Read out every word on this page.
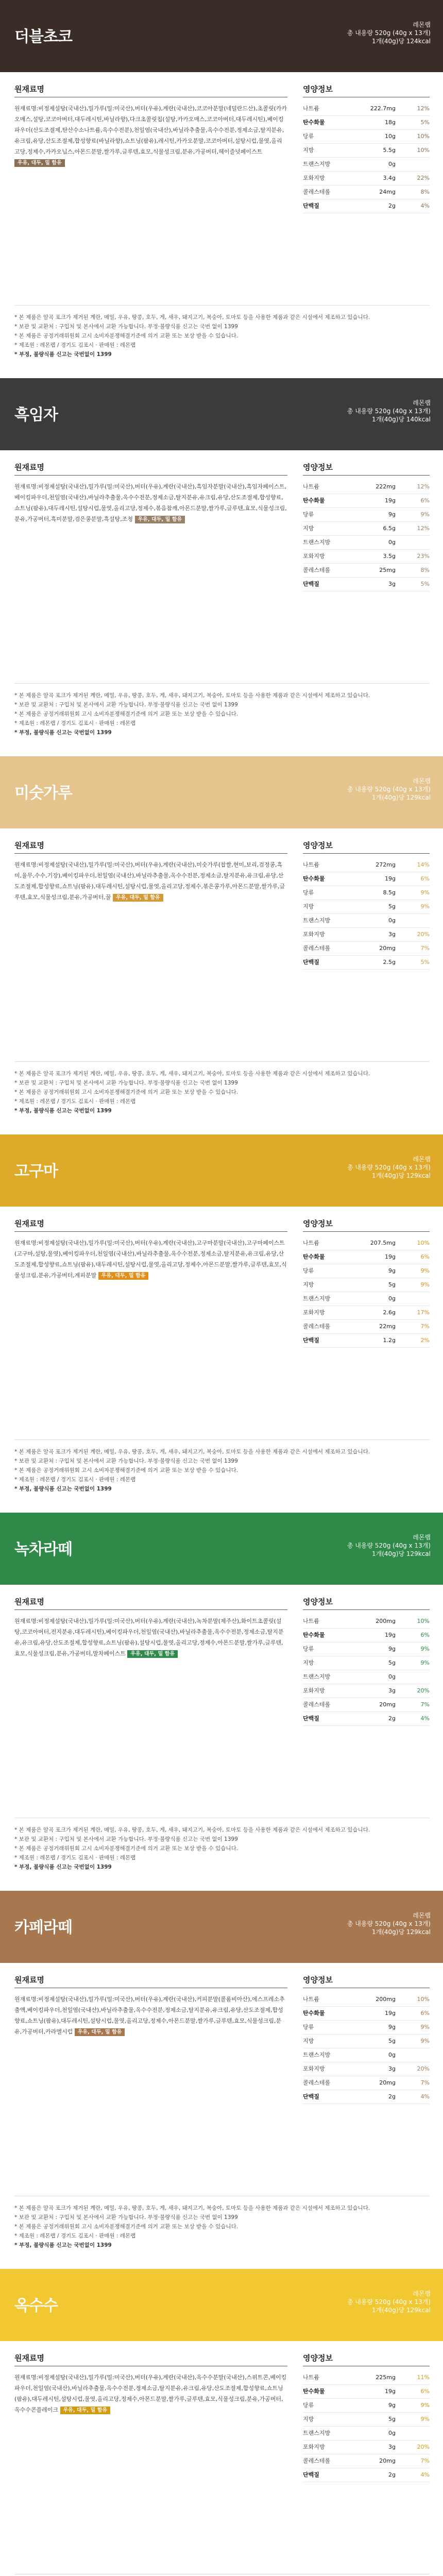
더블초코
레몬랩
총 내용량 520g (40g x 13개)
1개(40g)당 124kcal
원재료명
원재료명:비정제설탕(국내산),밀가루(밀:미국산),버터(우유),계란(국내산),코코아분말(네덜란드산),초콜릿(카카오매스,설탕,코코아버터,대두레시틴,바닐라향),다크초콜릿칩(설탕,카카오매스,코코아버터,대두레시틴),베이킹파우더(산도조절제,탄산수소나트륨,옥수수전분),천일염(국내산),바닐라추출물,옥수수전분,정제소금,탈지분유,유크림,유당,산도조절제,합성향료(바닐라향),쇼트닝(팜유),레시틴,카카오분말,코코아버터,설탕시럽,물엿,올리고당,정제수,카카오닙스,아몬드분말,쌀가루,글루텐,효모,식물성크림,분유,가공버터,헤이즐넛페이스트 우유, 대두, 밀 함유
영양정보
나트륨	222.7mg	12%
탄수화물	18g	5%
당류	10g	10%
지방	5.5g	10%
트랜스지방	0g
포화지방	3.4g	22%
콜레스테롤	24mg	8%
단백질	2g	4%
* 본 제품은 알곡 포크가 제거된 계란, 메밀, 우유, 땅콩, 호두, 게, 새우, 돼지고기, 복숭아, 토마토 등을 사용한 제품과 같은 시설에서 제조하고 있습니다.
* 보관 및 교환처 : 구입처 및 본사에서 교환 가능합니다. 부정·불량식품 신고는 국번 없이 1399
* 본 제품은 공정거래위원회 고시 소비자분쟁해결기준에 의거 교환 또는 보상 받을 수 있습니다.
* 제조원 : 레몬랩 / 경기도 김포시 · 판매원 : 레몬랩
* 부정, 불량식품 신고는 국번없이 1399
흑임자
레몬랩
총 내용량 520g (40g x 13개)
1개(40g)당 140kcal
원재료명
원재료명:비정제설탕(국내산),밀가루(밀:미국산),버터(우유),계란(국내산),흑임자분말(국내산),흑임자페이스트,베이킹파우더,천일염(국내산),바닐라추출물,옥수수전분,정제소금,탈지분유,유크림,유당,산도조절제,합성향료,쇼트닝(팜유),대두레시틴,설탕시럽,물엿,올리고당,정제수,볶음참깨,아몬드분말,쌀가루,글루텐,효모,식물성크림,분유,가공버터,흑미분말,검은콩분말,흑설탕,조청 우유, 대두, 밀 함유
영양정보
나트륨	222mg	12%
탄수화물	19g	6%
당류	9g	9%
지방	6.5g	12%
트랜스지방	0g
포화지방	3.5g	23%
콜레스테롤	25mg	8%
단백질	3g	5%
* 본 제품은 알곡 포크가 제거된 계란, 메밀, 우유, 땅콩, 호두, 게, 새우, 돼지고기, 복숭아, 토마토 등을 사용한 제품과 같은 시설에서 제조하고 있습니다.
* 보관 및 교환처 : 구입처 및 본사에서 교환 가능합니다. 부정·불량식품 신고는 국번 없이 1399
* 본 제품은 공정거래위원회 고시 소비자분쟁해결기준에 의거 교환 또는 보상 받을 수 있습니다.
* 제조원 : 레몬랩 / 경기도 김포시 · 판매원 : 레몬랩
* 부정, 불량식품 신고는 국번없이 1399
미숫가루
레몬랩
총 내용량 520g (40g x 13개)
1개(40g)당 129kcal
원재료명
원재료명:비정제설탕(국내산),밀가루(밀:미국산),버터(우유),계란(국내산),미숫가루(찹쌀,현미,보리,검정콩,흑미,율무,수수,기장),베이킹파우더,천일염(국내산),바닐라추출물,옥수수전분,정제소금,탈지분유,유크림,유당,산도조절제,합성향료,쇼트닝(팜유),대두레시틴,설탕시럽,물엿,올리고당,정제수,볶은콩가루,아몬드분말,쌀가루,글루텐,효모,식물성크림,분유,가공버터,꿀 우유, 대두, 밀 함유
영양정보
나트륨	272mg	14%
탄수화물	19g	6%
당류	8.5g	9%
지방	5g	9%
트랜스지방	0g
포화지방	3g	20%
콜레스테롤	20mg	7%
단백질	2.5g	5%
* 본 제품은 알곡 포크가 제거된 계란, 메밀, 우유, 땅콩, 호두, 게, 새우, 돼지고기, 복숭아, 토마토 등을 사용한 제품과 같은 시설에서 제조하고 있습니다.
* 보관 및 교환처 : 구입처 및 본사에서 교환 가능합니다. 부정·불량식품 신고는 국번 없이 1399
* 본 제품은 공정거래위원회 고시 소비자분쟁해결기준에 의거 교환 또는 보상 받을 수 있습니다.
* 제조원 : 레몬랩 / 경기도 김포시 · 판매원 : 레몬랩
* 부정, 불량식품 신고는 국번없이 1399
고구마
레몬랩
총 내용량 520g (40g x 13개)
1개(40g)당 129kcal
원재료명
원재료명:비정제설탕(국내산),밀가루(밀:미국산),버터(우유),계란(국내산),고구마분말(국내산),고구마페이스트(고구마,설탕,물엿),베이킹파우더,천일염(국내산),바닐라추출물,옥수수전분,정제소금,탈지분유,유크림,유당,산도조절제,합성향료,쇼트닝(팜유),대두레시틴,설탕시럽,물엿,올리고당,정제수,아몬드분말,쌀가루,글루텐,효모,식물성크림,분유,가공버터,계피분말 우유, 대두, 밀 함유
영양정보
나트륨	207.5mg	10%
탄수화물	19g	6%
당류	9g	9%
지방	5g	9%
트랜스지방	0g
포화지방	2.6g	17%
콜레스테롤	22mg	7%
단백질	1.2g	2%
* 본 제품은 알곡 포크가 제거된 계란, 메밀, 우유, 땅콩, 호두, 게, 새우, 돼지고기, 복숭아, 토마토 등을 사용한 제품과 같은 시설에서 제조하고 있습니다.
* 보관 및 교환처 : 구입처 및 본사에서 교환 가능합니다. 부정·불량식품 신고는 국번 없이 1399
* 본 제품은 공정거래위원회 고시 소비자분쟁해결기준에 의거 교환 또는 보상 받을 수 있습니다.
* 제조원 : 레몬랩 / 경기도 김포시 · 판매원 : 레몬랩
* 부정, 불량식품 신고는 국번없이 1399
녹차라떼
레몬랩
총 내용량 520g (40g x 13개)
1개(40g)당 129kcal
원재료명
원재료명:비정제설탕(국내산),밀가루(밀:미국산),버터(우유),계란(국내산),녹차분말(제주산),화이트초콜릿(설탕,코코아버터,전지분유,대두레시틴),베이킹파우더,천일염(국내산),바닐라추출물,옥수수전분,정제소금,탈지분유,유크림,유당,산도조절제,합성향료,쇼트닝(팜유),설탕시럽,물엿,올리고당,정제수,아몬드분말,쌀가루,글루텐,효모,식물성크림,분유,가공버터,말차페이스트 우유, 대두, 밀 함유
영양정보
나트륨	200mg	10%
탄수화물	19g	6%
당류	9g	9%
지방	5g	9%
트랜스지방	0g
포화지방	3g	20%
콜레스테롤	20mg	7%
단백질	2g	4%
* 본 제품은 알곡 포크가 제거된 계란, 메밀, 우유, 땅콩, 호두, 게, 새우, 돼지고기, 복숭아, 토마토 등을 사용한 제품과 같은 시설에서 제조하고 있습니다.
* 보관 및 교환처 : 구입처 및 본사에서 교환 가능합니다. 부정·불량식품 신고는 국번 없이 1399
* 본 제품은 공정거래위원회 고시 소비자분쟁해결기준에 의거 교환 또는 보상 받을 수 있습니다.
* 제조원 : 레몬랩 / 경기도 김포시 · 판매원 : 레몬랩
* 부정, 불량식품 신고는 국번없이 1399
카페라떼
레몬랩
총 내용량 520g (40g x 13개)
1개(40g)당 129kcal
원재료명
원재료명:비정제설탕(국내산),밀가루(밀:미국산),버터(우유),계란(국내산),커피분말(콜롬비아산),에스프레소추출액,베이킹파우더,천일염(국내산),바닐라추출물,옥수수전분,정제소금,탈지분유,유크림,유당,산도조절제,합성향료,쇼트닝(팜유),대두레시틴,설탕시럽,물엿,올리고당,정제수,아몬드분말,쌀가루,글루텐,효모,식물성크림,분유,가공버터,카라멜시럽 우유, 대두, 밀 함유
영양정보
나트륨	200mg	10%
탄수화물	19g	6%
당류	9g	9%
지방	5g	9%
트랜스지방	0g
포화지방	3g	20%
콜레스테롤	20mg	7%
단백질	2g	4%
* 본 제품은 알곡 포크가 제거된 계란, 메밀, 우유, 땅콩, 호두, 게, 새우, 돼지고기, 복숭아, 토마토 등을 사용한 제품과 같은 시설에서 제조하고 있습니다.
* 보관 및 교환처 : 구입처 및 본사에서 교환 가능합니다. 부정·불량식품 신고는 국번 없이 1399
* 본 제품은 공정거래위원회 고시 소비자분쟁해결기준에 의거 교환 또는 보상 받을 수 있습니다.
* 제조원 : 레몬랩 / 경기도 김포시 · 판매원 : 레몬랩
* 부정, 불량식품 신고는 국번없이 1399
옥수수
레몬랩
총 내용량 520g (40g x 13개)
1개(40g)당 129kcal
원재료명
원재료명:비정제설탕(국내산),밀가루(밀:미국산),버터(우유),계란(국내산),옥수수분말(국내산),스위트콘,베이킹파우더,천일염(국내산),바닐라추출물,옥수수전분,정제소금,탈지분유,유크림,유당,산도조절제,합성향료,쇼트닝(팜유),대두레시틴,설탕시럽,물엿,올리고당,정제수,아몬드분말,쌀가루,글루텐,효모,식물성크림,분유,가공버터,옥수수콘플레이크 우유, 대두, 밀 함유
영양정보
나트륨	225mg	11%
탄수화물	19g	6%
당류	9g	9%
지방	5g	9%
트랜스지방	0g
포화지방	3g	20%
콜레스테롤	20mg	7%
단백질	2g	4%
